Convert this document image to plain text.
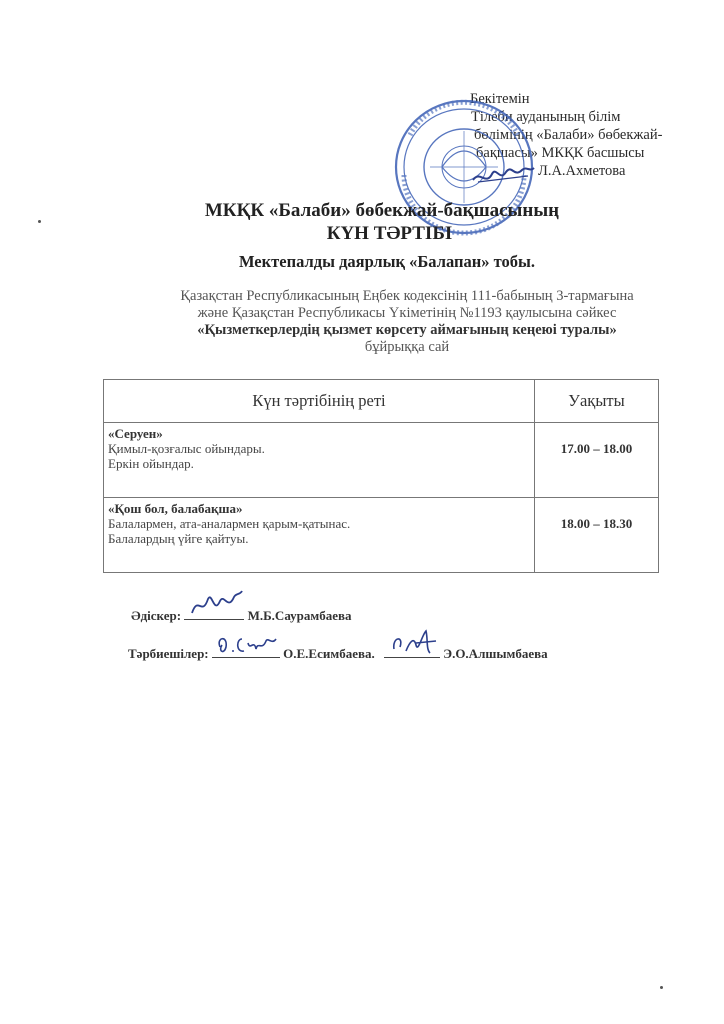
Бекітемін
Тілеби ауданының білім
бөлімінің «Балаби» бөбекжай-
бақшасы» МКҚК басшысы
Л.А.Ахметова
МКҚК «Балаби» бөбекжай-бақшасының
КҮН ТӘРТІБІ
Мектепалды даярлық «Балапан» тобы.
Қазақстан Республикасының Еңбек кодексінің 111-бабының 3-тармағына
және Қазақстан Республикасы Үкіметінің №1193 қаулысына сәйкес
«Қызметкерлердің қызмет көрсету аймағының кеңеюі туралы»
бұйрыққа сай
Күн тәртібінің реті	Уақыты

«Серуен»
Қимыл-қозғалыс ойындары.
Еркін ойындар.	17.00 – 18.00

«Қош бол, балабақша»
Балалармен, ата-аналармен қарым-қатынас.
Балалардың үйге қайтуы.	18.00 – 18.30
Әдіскер:	М.Б.Саурамбаева
Тәрбиешілер:	О.Е.Есимбаева.	Э.О.Алшымбаева
